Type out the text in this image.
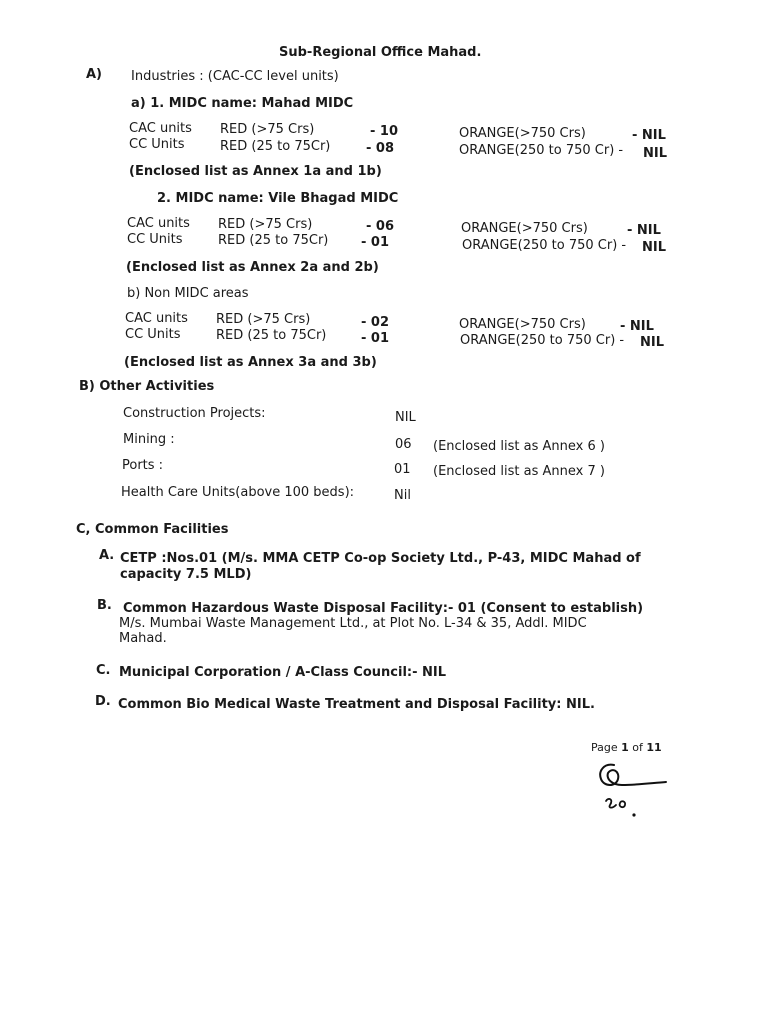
Sub-Regional Office Mahad.
A) Industries : (CAC-CC level units)
a) 1. MIDC name: Mahad MIDC
CAC units RED (>75 Crs)	- 10	ORANGE(>750 Crs)	- NIL
CC Units	RED (25 to 75Cr)	- 08	ORANGE(250 to 750 Cr) - NIL
(Enclosed list as Annex 1a and 1b)
2. MIDC name: Vile Bhagad MIDC
CAC units RED (>75 Crs)	- 06	ORANGE(>750 Crs)	- NIL
CC Units	RED (25 to 75Cr)	- 01	ORANGE(250 to 750 Cr) - NIL
(Enclosed list as Annex 2a and 2b)
b) Non MIDC areas
CAC units RED (>75 Crs)	- 02	ORANGE(>750 Crs)	- NIL
CC Units	RED (25 to 75Cr)	- 01	ORANGE(250 to 750 Cr) - NIL
(Enclosed list as Annex 3a and 3b)
B) Other Activities
Construction Projects:	NIL
Mining :	06 (Enclosed list as Annex 6 )
Ports :	01 (Enclosed list as Annex 7 )
Health Care Units(above 100 beds):	Nil
C, Common Facilities
A. CETP :Nos.01 (M/s. MMA CETP Co-op Society Ltd., P-43, MIDC Mahad of
capacity 7.5 MLD)
B. Common Hazardous Waste Disposal Facility:- 01 (Consent to establish)
M/s. Mumbai Waste Management Ltd., at Plot No. L-34 & 35, Addl. MIDC
Mahad.
C. Municipal Corporation / A-Class Council:- NIL
D. Common Bio Medical Waste Treatment and Disposal Facility: NIL.
Page 1 of 11
